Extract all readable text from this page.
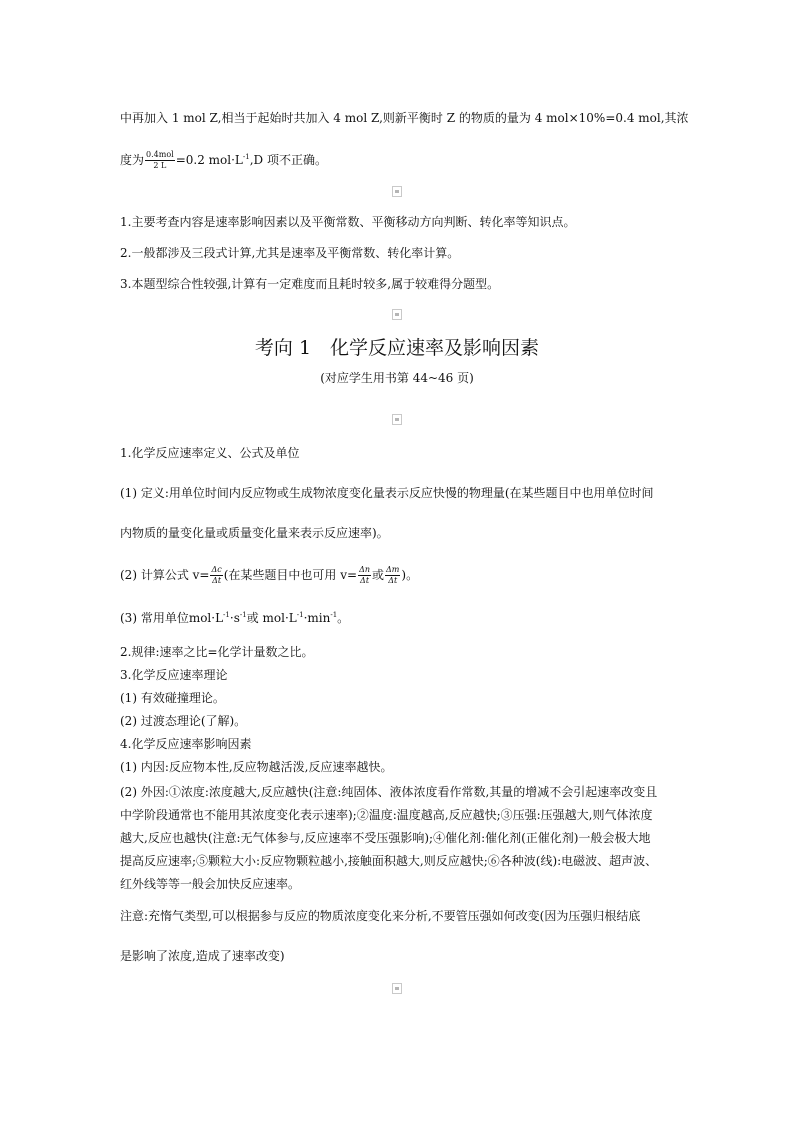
中再加入 1 mol Z,相当于起始时共加入 4 mol Z,则新平衡时 Z 的物质的量为 4 mol×10%=0.4 mol,其浓
度为 $\frac{\text{0.4mol}}{2 L} =0.2$ $mol\cdot L^{-1},D$ 项不正确。
1.主要考查内容是速率影响因素以及平衡常数、平衡移动方向判断、转化率等知识点。
2.一般都涉及三段式计算,尤其是速率及平衡常数、转化率计算。
3.本题型综合性较强,计算有一定难度而且耗时较多,属于较难得分题型。
考向 1　化学反应速率及影响因素
(对应学生用书第 44~46 页)
1.化学反应速率定义、公式及单位
(1) 定义:用单位时间内反应物或生成物浓度变化量表示反应快慢的物理量(在某些题目中也用单位时间
内物质的量变化量或质量变化量来表示反应速率)。
(2) 计算公式 $v= \frac{\Delta c}{\Delta t}$ (在某些题目中也可用 $v= \frac{\Delta n}{\Delta t}$ 或 $\frac{\Delta m}{\Delta t}$ )。
(3) 常用单位$mol\cdot L^{-1}\cdot s^{-1}$或 $mol\cdot L^{-1}\cdot\min^{-1}$。
2.规律:速率之比=化学计量数之比。
3.化学反应速率理论
(1) 有效碰撞理论。
(2) 过渡态理论(了解)。
4.化学反应速率影响因素
(1) 内因:反应物本性,反应物越活泼,反应速率越快。
(2) 外因:①浓度:浓度越大,反应越快(注意:纯固体、液体浓度看作常数,其量的增减不会引起速率改变且
中学阶段通常也不能用其浓度变化表示速率);②温度:温度越高,反应越快;③压强:压强越大,则气体浓度
越大,反应也越快(注意:无气体参与,反应速率不受压强影响);④催化剂:催化剂(正催化剂)一般会极大地
提高反应速率;⑤颗粒大小:反应物颗粒越小,接触面积越大,则反应越快;⑥各种波(线):电磁波、超声波、
红外线等等一般会加快反应速率。
注意:充惰气类型,可以根据参与反应的物质浓度变化来分析,不要管压强如何改变(因为压强归根结底
是影响了浓度,造成了速率改变)
